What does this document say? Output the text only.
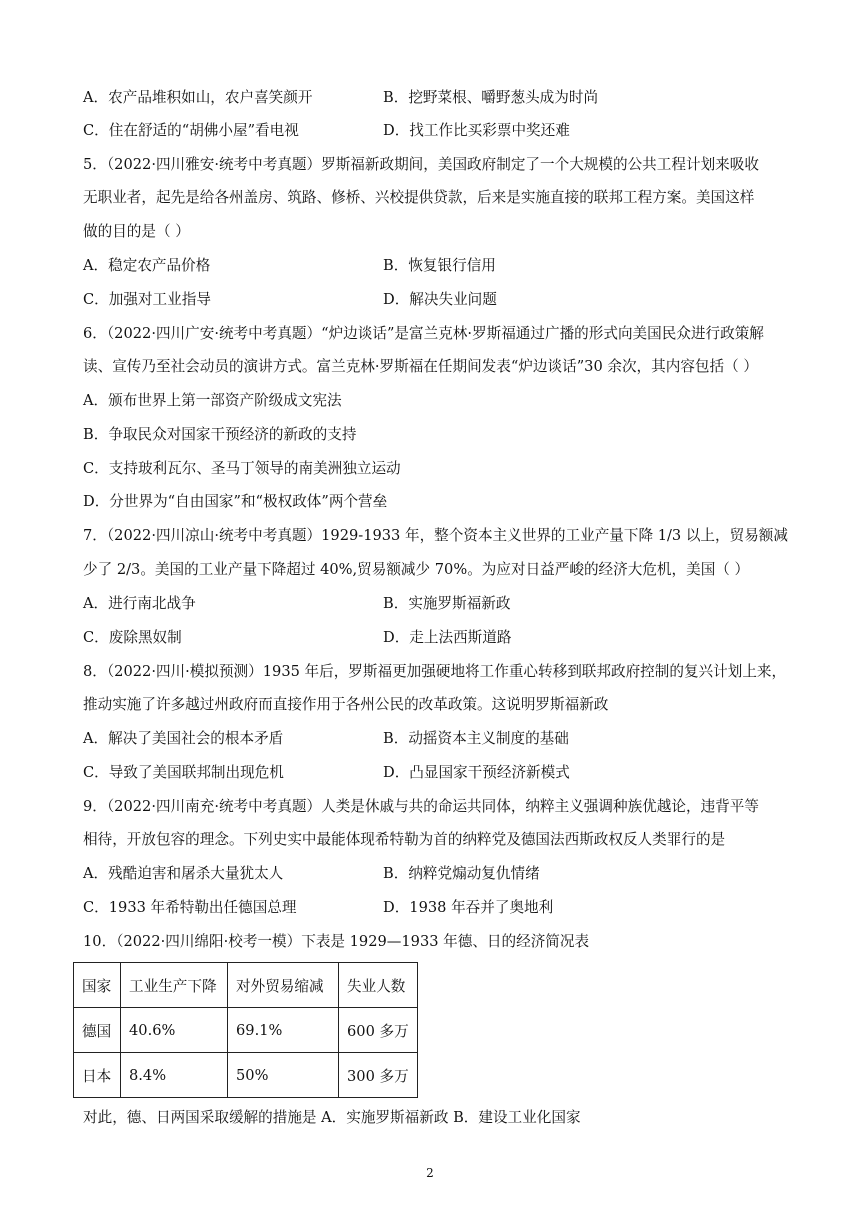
A．农产品堆积如山，农户喜笑颜开	B．挖野菜根、嚼野葱头成为时尚
C．住在舒适的“胡佛小屋”看电视	D．找工作比买彩票中奖还难
5．（2022·四川雅安·统考中考真题）罗斯福新政期间，美国政府制定了一个大规模的公共工程计划来吸收
无职业者，起先是给各州盖房、筑路、修桥、兴校提供贷款，后来是实施直接的联邦工程方案。美国这样
做的目的是（ ）
A．稳定农产品价格	B．恢复银行信用
C．加强对工业指导	D．解决失业问题
6．（2022·四川广安·统考中考真题）“炉边谈话”是富兰克林·罗斯福通过广播的形式向美国民众进行政策解
读、宣传乃至社会动员的演讲方式。富兰克林·罗斯福在任期间发表“炉边谈话”30 余次，其内容包括（ ）
A．颁布世界上第一部资产阶级成文宪法
B．争取民众对国家干预经济的新政的支持
C．支持玻利瓦尔、圣马丁领导的南美洲独立运动
D．分世界为“自由国家”和“极权政体”两个营垒
7．（2022·四川凉山·统考中考真题）1929-1933 年，整个资本主义世界的工业产量下降 1/3 以上，贸易额减
少了 2/3。美国的工业产量下降超过 40%,贸易额减少 70%。为应对日益严峻的经济大危机，美国（ ）
A．进行南北战争	B．实施罗斯福新政
C．废除黑奴制	D．走上法西斯道路
8．（2022·四川·模拟预测）1935 年后，罗斯福更加强硬地将工作重心转移到联邦政府控制的复兴计划上来，
推动实施了许多越过州政府而直接作用于各州公民的改革政策。这说明罗斯福新政
A．解决了美国社会的根本矛盾	B．动摇资本主义制度的基础
C．导致了美国联邦制出现危机	D．凸显国家干预经济新模式
9．（2022·四川南充·统考中考真题）人类是休戚与共的命运共同体，纳粹主义强调种族优越论，违背平等
相待，开放包容的理念。下列史实中最能体现希特勒为首的纳粹党及德国法西斯政权反人类罪行的是
A．残酷迫害和屠杀大量犹太人	B．纳粹党煽动复仇情绪
C．1933 年希特勒出任德国总理	D．1938 年吞并了奥地利
10．（2022·四川绵阳·校考一模）下表是 1929—1933 年德、日的经济简况表
国家	工业生产下降	对外贸易缩减	失业人数
德国	40.6%	69.1%	600 多万
日本	8.4%	50%	300 多万
对此，德、日两国采取缓解的措施是 A．实施罗斯福新政 B．建设工业化国家
2
